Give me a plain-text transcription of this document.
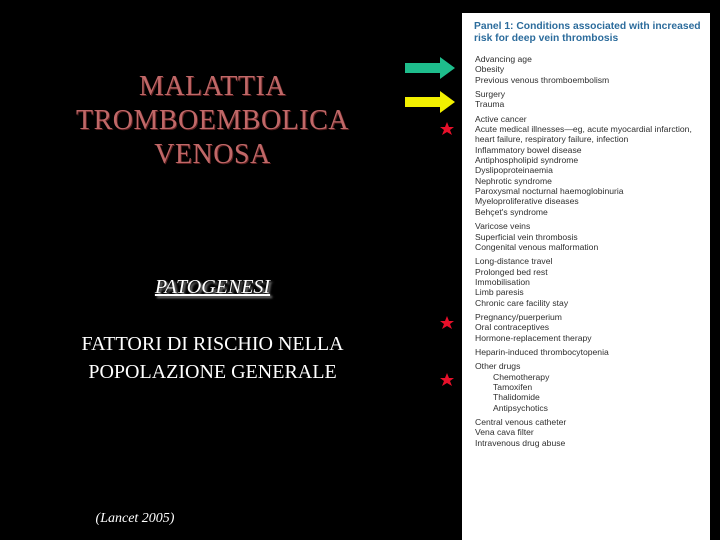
MALATTIA
TROMBOEMBOLICA
VENOSA
PATOGENESI
FATTORI DI RISCHIO NELLA
POPOLAZIONE GENERALE
(Lancet 2005)
Panel 1: Conditions associated with increased risk for deep vein thrombosis
Advancing age
Obesity
Previous venous thromboembolism
Surgery
Trauma
Active cancer
Acute medical illnesses—eg, acute myocardial infarction,
heart failure, respiratory failure, infection
Inflammatory bowel disease
Antiphospholipid syndrome
Dyslipoproteinaemia
Nephrotic syndrome
Paroxysmal nocturnal haemoglobinuria
Myeloproliferative diseases
Behçet's syndrome
Varicose veins
Superficial vein thrombosis
Congenital venous malformation
Long-distance travel
Prolonged bed rest
Immobilisation
Limb paresis
Chronic care facility stay
Pregnancy/puerperium
Oral contraceptives
Hormone-replacement therapy
Heparin-induced thrombocytopenia
Other drugs
Chemotherapy
Tamoxifen
Thalidomide
Antipsychotics
Central venous catheter
Vena cava filter
Intravenous drug abuse
